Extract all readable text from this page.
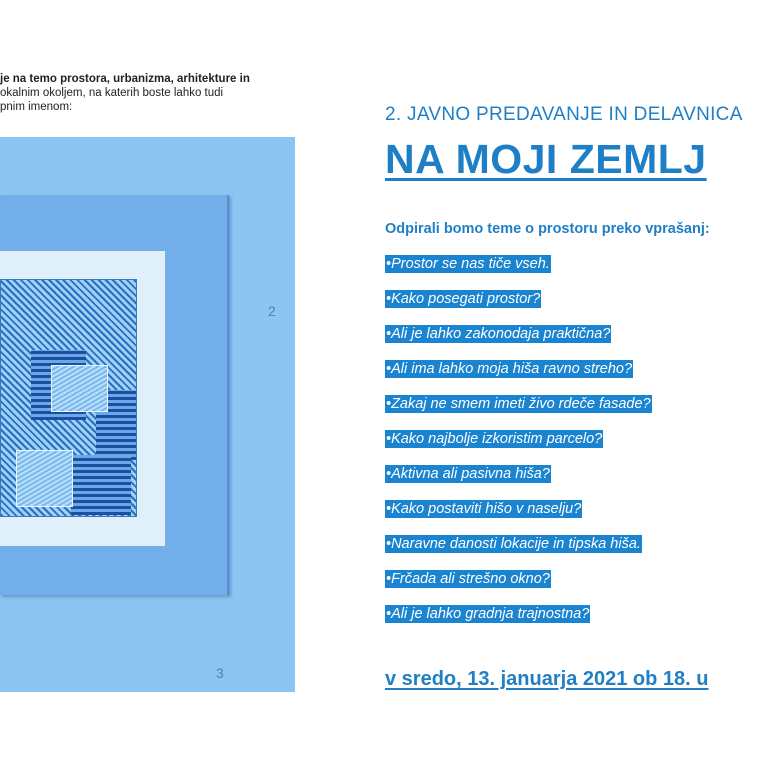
je na temo prostora, urbanizma, arhitekture in
okalnim okoljem, na katerih boste lahko tudi
pnim imenom:
2
3
2. JAVNO PREDAVANJE IN DELAVNICA
NA MOJI ZEMLJ
Odpirali bomo teme o prostoru preko vprašanj:
•Prostor se nas tiče vseh.
•Kako posegati prostor?
•Ali je lahko zakonodaja praktična?
•Ali ima lahko moja hiša ravno streho?
•Zakaj ne smem imeti živo rdeče fasade?
•Kako najbolje izkoristim parcelo?
•Aktivna ali pasivna hiša?
•Kako postaviti hišo v naselju?
•Naravne danosti lokacije in tipska hiša.
•Frčada ali strešno okno?
•Ali je lahko gradnja trajnostna?
v sredo, 13. januarja 2021 ob 18. u
